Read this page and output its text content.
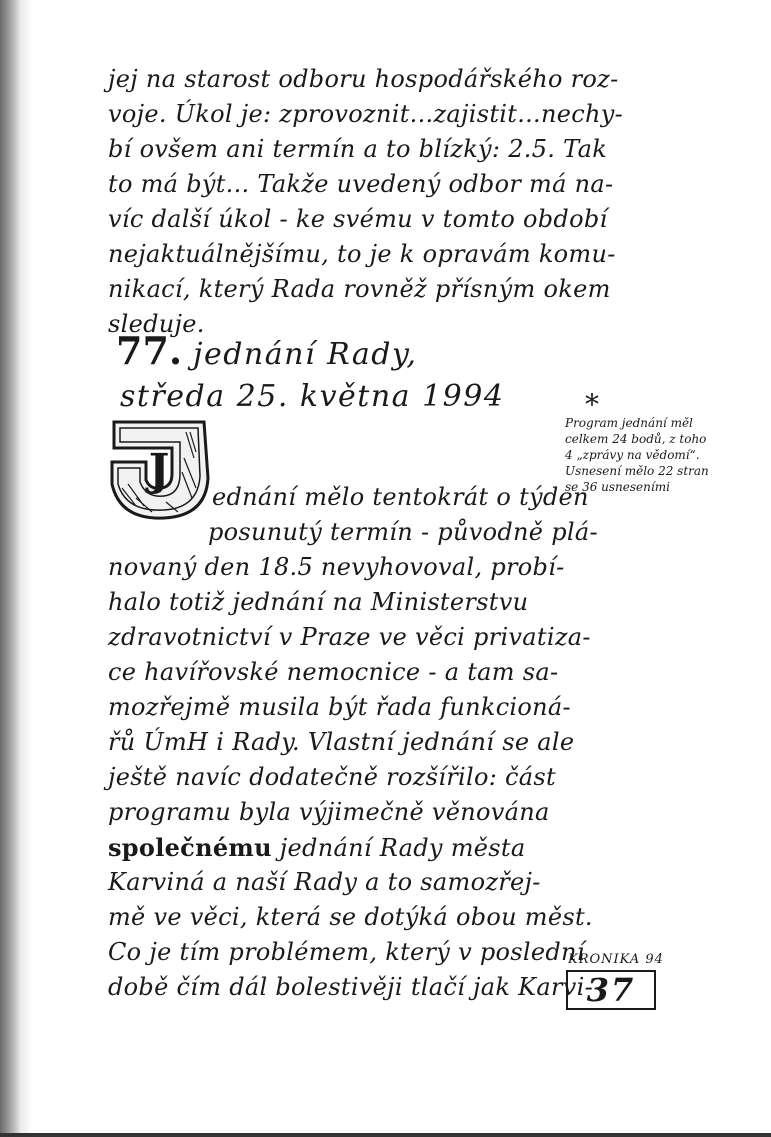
jej na starost odboru hospodářského roz-
voje. Úkol je: zprovoznit...zajistit...nechy-
bí ovšem ani termín a to blízký: 2.5. Tak
to má být... Takže uvedený odbor má na-
víc další úkol - ke svému v tomto období
nejaktuálnějšímu, to je k opravám komu-
nikací, který Rada rovněž přísným okem
sleduje.
77. jednání Rady,
středa 25. května 1994
J
ednání mělo tentokrát o týden
posunutý termín - původně plá-
novaný den 18.5 nevyhovoval, probí-
halo totiž jednání na Ministerstvu
zdravotnictví v Praze ve věci privatiza-
ce havířovské nemocnice - a tam sa-
mozřejmě musila být řada funkcioná-
řů ÚmH i Rady. Vlastní jednání se ale
ještě navíc dodatečně rozšířilo: část
programu byla výjimečně věnována
společnému jednání Rady města
Karviná a naší Rady a to samozřej-
mě ve věci, která se dotýká obou měst.
Co je tím problémem, který v poslední
době čím dál bolestivěji tlačí jak Karvi-
*
Program jednání měl
celkem 24 bodů, z toho
4 „zprávy na vědomí“.
Usnesení mělo 22 stran
se 36 usneseními
KRONIKA 94
37
